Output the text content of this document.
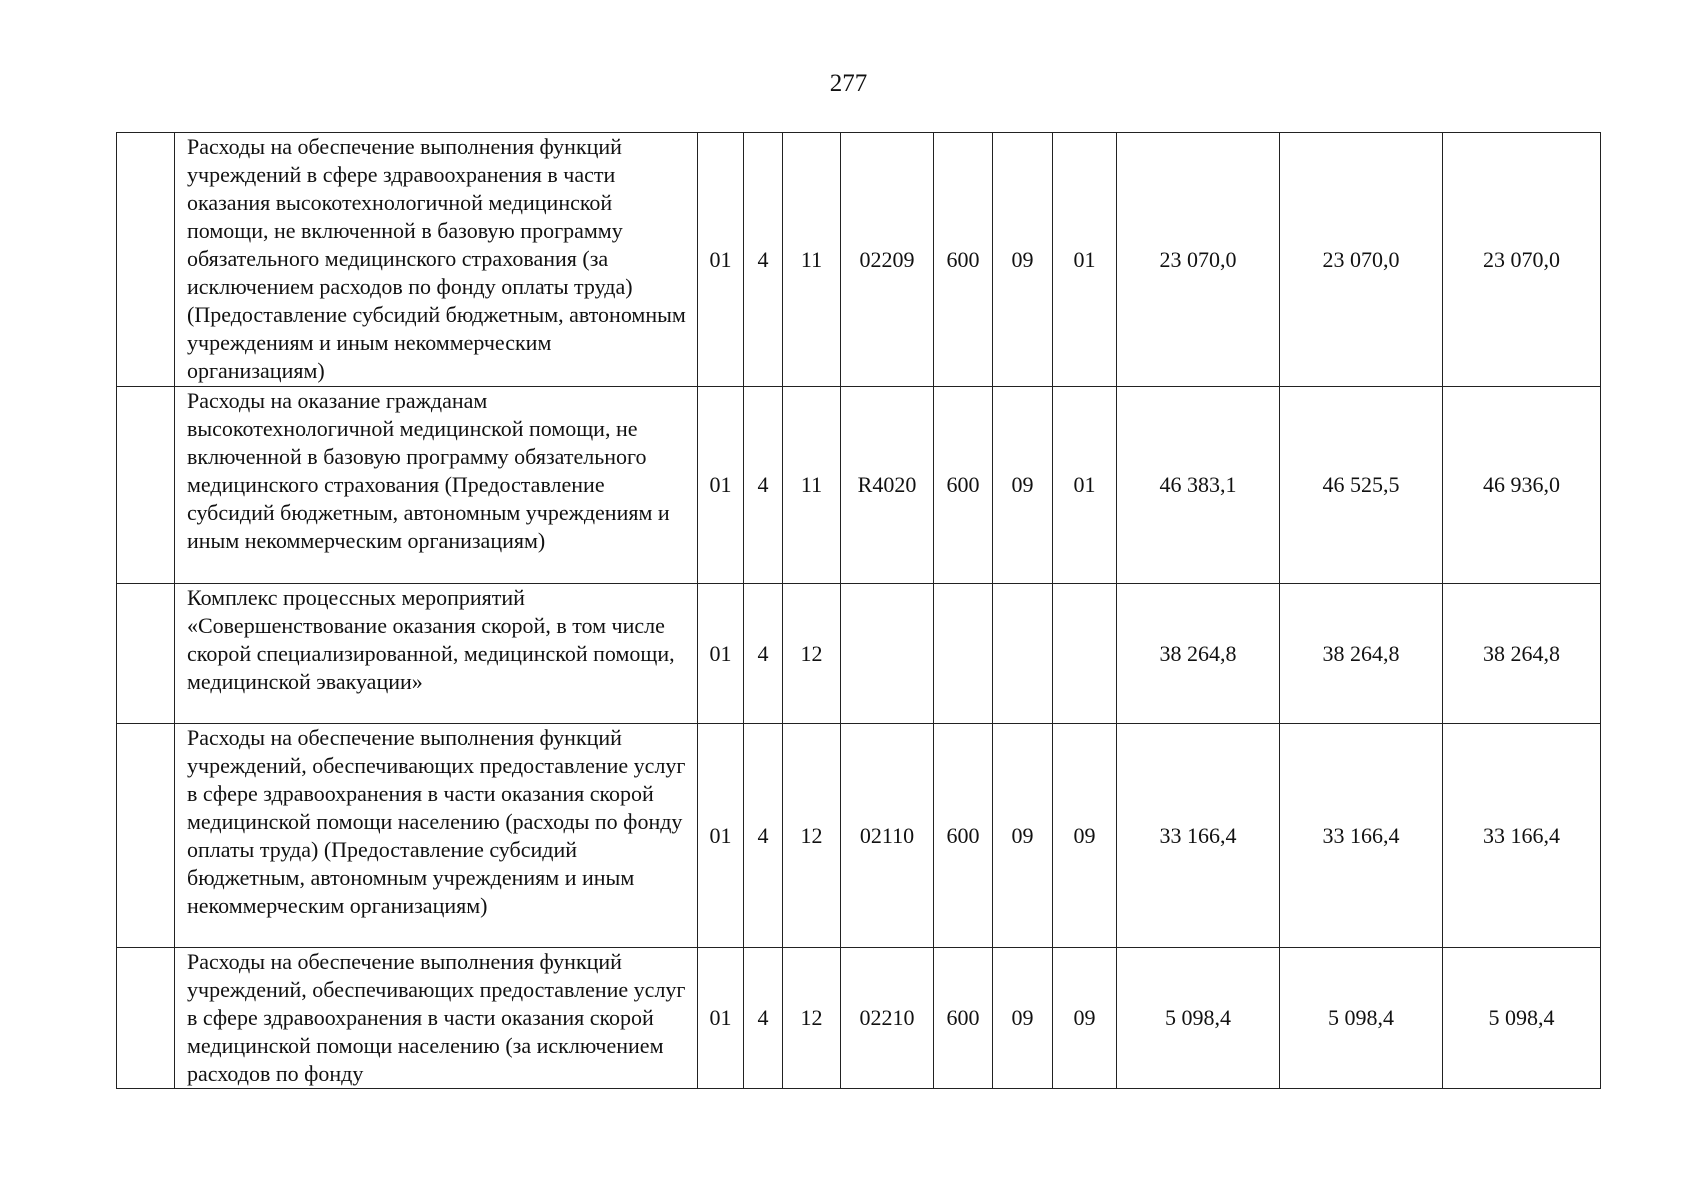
277
	Расходы на обеспечение выполнения функций учреждений в сфере здравоохранения в части оказания высокотехнологичной медицинской помощи, не включенной в базовую программу обязательного медицинского страхования (за исключением расходов по фонду оплаты труда) (Предоставление субсидий бюджетным, автономным учреждениям и иным некоммерческим организациям)	01	4	11	02209	600	09	01	23 070,0	23 070,0	23 070,0
	Расходы на оказание гражданам высокотехнологичной медицинской помощи, не включенной в базовую программу обязательного медицинского страхования (Предоставление субсидий бюджетным, автономным учреждениям и иным некоммерческим организациям)	01	4	11	R4020	600	09	01	46 383,1	46 525,5	46 936,0
	Комплекс процессных мероприятий «Совершенствование оказания скорой, в том числе скорой специализированной, медицинской помощи, медицинской эвакуации»	01	4	12					38 264,8	38 264,8	38 264,8
	Расходы на обеспечение выполнения функций учреждений, обеспечивающих предоставление услуг в сфере здравоохранения в части оказания скорой медицинской помощи населению (расходы по фонду оплаты труда) (Предоставление субсидий бюджетным, автономным учреждениям и иным некоммерческим организациям)	01	4	12	02110	600	09	09	33 166,4	33 166,4	33 166,4
	Расходы на обеспечение выполнения функций учреждений, обеспечивающих предоставление услуг в сфере здравоохранения в части оказания скорой медицинской помощи населению (за исключением расходов по фонду	01	4	12	02210	600	09	09	5 098,4	5 098,4	5 098,4
